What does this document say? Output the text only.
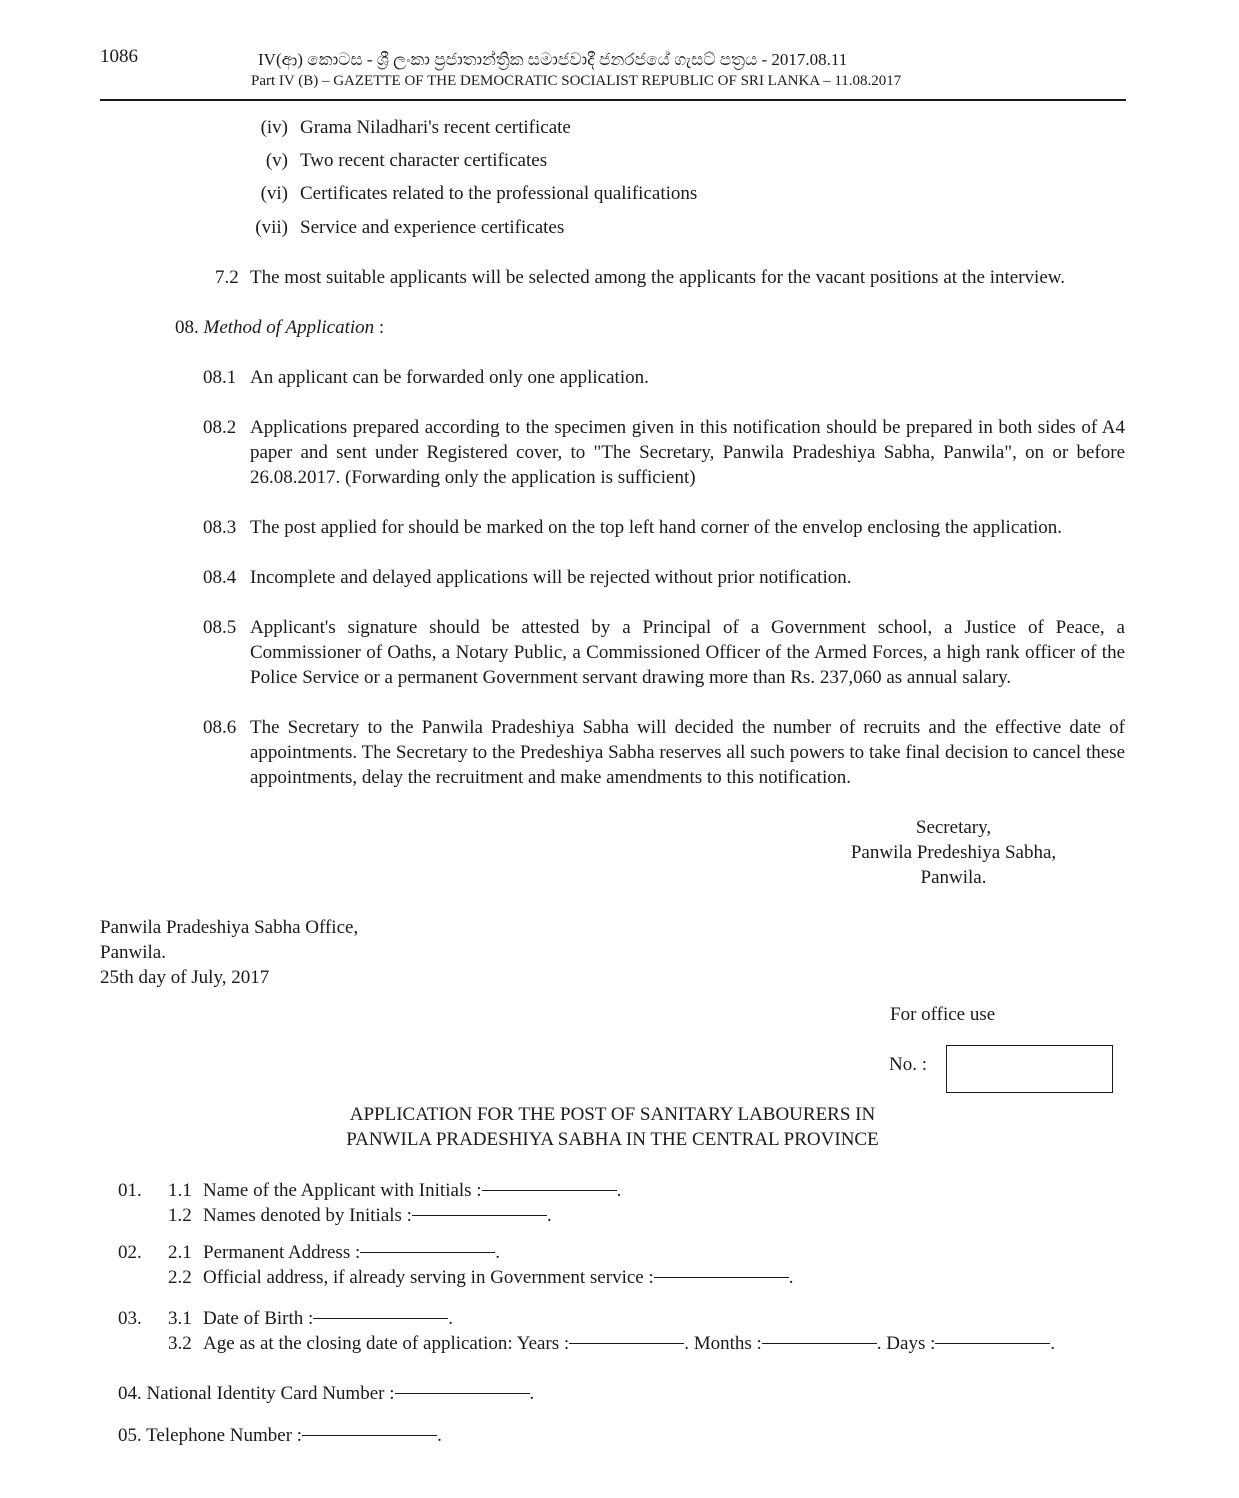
1086	IV(ආ) කොටස - ශ්‍රී ලංකා ප්‍රජාතාන්ත්‍රික සමාජවාදී ජනරජයේ ගැසට් පත්‍රය - 2017.08.11
Part IV (B) – GAZETTE OF THE DEMOCRATIC SOCIALIST REPUBLIC OF SRI LANKA – 11.08.2017
(iv) Grama Niladhari's recent certificate
(v) Two recent character certificates
(vi) Certificates related to the professional qualifications
(vii) Service and experience certificates
7.2 The most suitable applicants will be selected among the applicants for the vacant positions at the interview.
08. Method of Application :
08.1 An applicant can be forwarded only one application.
08.2 Applications prepared according to the specimen given in this notification should be prepared in both sides of A4 paper and sent under Registered cover, to "The Secretary, Panwila Pradeshiya Sabha, Panwila", on or before 26.08.2017. (Forwarding only the application is sufficient)
08.3 The post applied for should be marked on the top left hand corner of the envelop enclosing the application.
08.4 Incomplete and delayed applications will be rejected without prior notification.
08.5 Applicant's signature should be attested by a Principal of a Government school, a Justice of Peace, a Commissioner of Oaths, a Notary Public, a Commissioned Officer of the Armed Forces, a high rank officer of the Police Service or a permanent Government servant drawing more than Rs. 237,060 as annual salary.
08.6 The Secretary to the Panwila Pradeshiya Sabha will decided the number of recruits and the effective date of appointments. The Secretary to the Predeshiya Sabha reserves all such powers to take final decision to cancel these appointments, delay the recruitment and make amendments to this notification.
Secretary,
Panwila Predeshiya Sabha,
Panwila.
Panwila Pradeshiya Sabha Office,
Panwila.
25th day of July, 2017
For office use
No. :
APPLICATION FOR THE POST OF SANITARY LABOURERS IN
PANWILA PRADESHIYA SABHA IN THE CENTRAL PROVINCE
01. 1.1 Name of the Applicant with Initials :	.
1.2 Names denoted by Initials :	.
02. 2.1 Permanent Address :	.
2.2 Official address, if already serving in Government service :	.
03. 3.1 Date of Birth :	.
3.2 Age as at the closing date of application: Years :	. Months :	. Days :	.
04. National Identity Card Number :	.
05. Telephone Number :	.
